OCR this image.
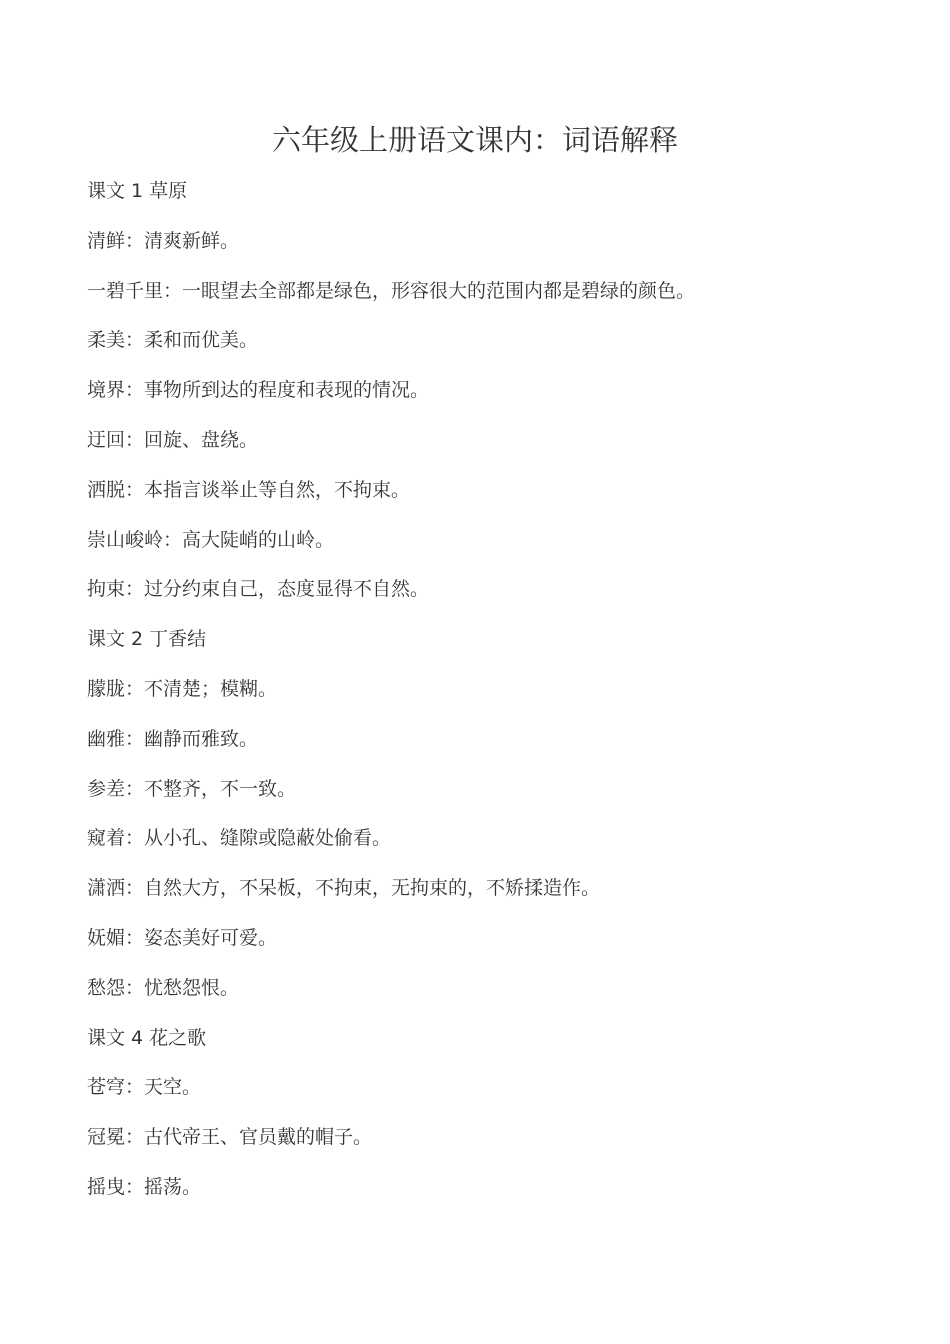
六年级上册语文课内：词语解释
课文 1 草原
清鲜：清爽新鲜。
一碧千里：一眼望去全部都是绿色，形容很大的范围内都是碧绿的颜色。
柔美：柔和而优美。
境界：事物所到达的程度和表现的情况。
迂回：回旋、盘绕。
洒脱：本指言谈举止等自然，不拘束。
崇山峻岭：高大陡峭的山岭。
拘束：过分约束自己，态度显得不自然。
课文 2 丁香结
朦胧：不清楚；模糊。
幽雅：幽静而雅致。
参差：不整齐，不一致。
窥着：从小孔、缝隙或隐蔽处偷看。
潇洒：自然大方，不呆板，不拘束，无拘束的，不矫揉造作。
妩媚：姿态美好可爱。
愁怨：忧愁怨恨。
课文 4 花之歌
苍穹：天空。
冠冕：古代帝王、官员戴的帽子。
摇曳：摇荡。
